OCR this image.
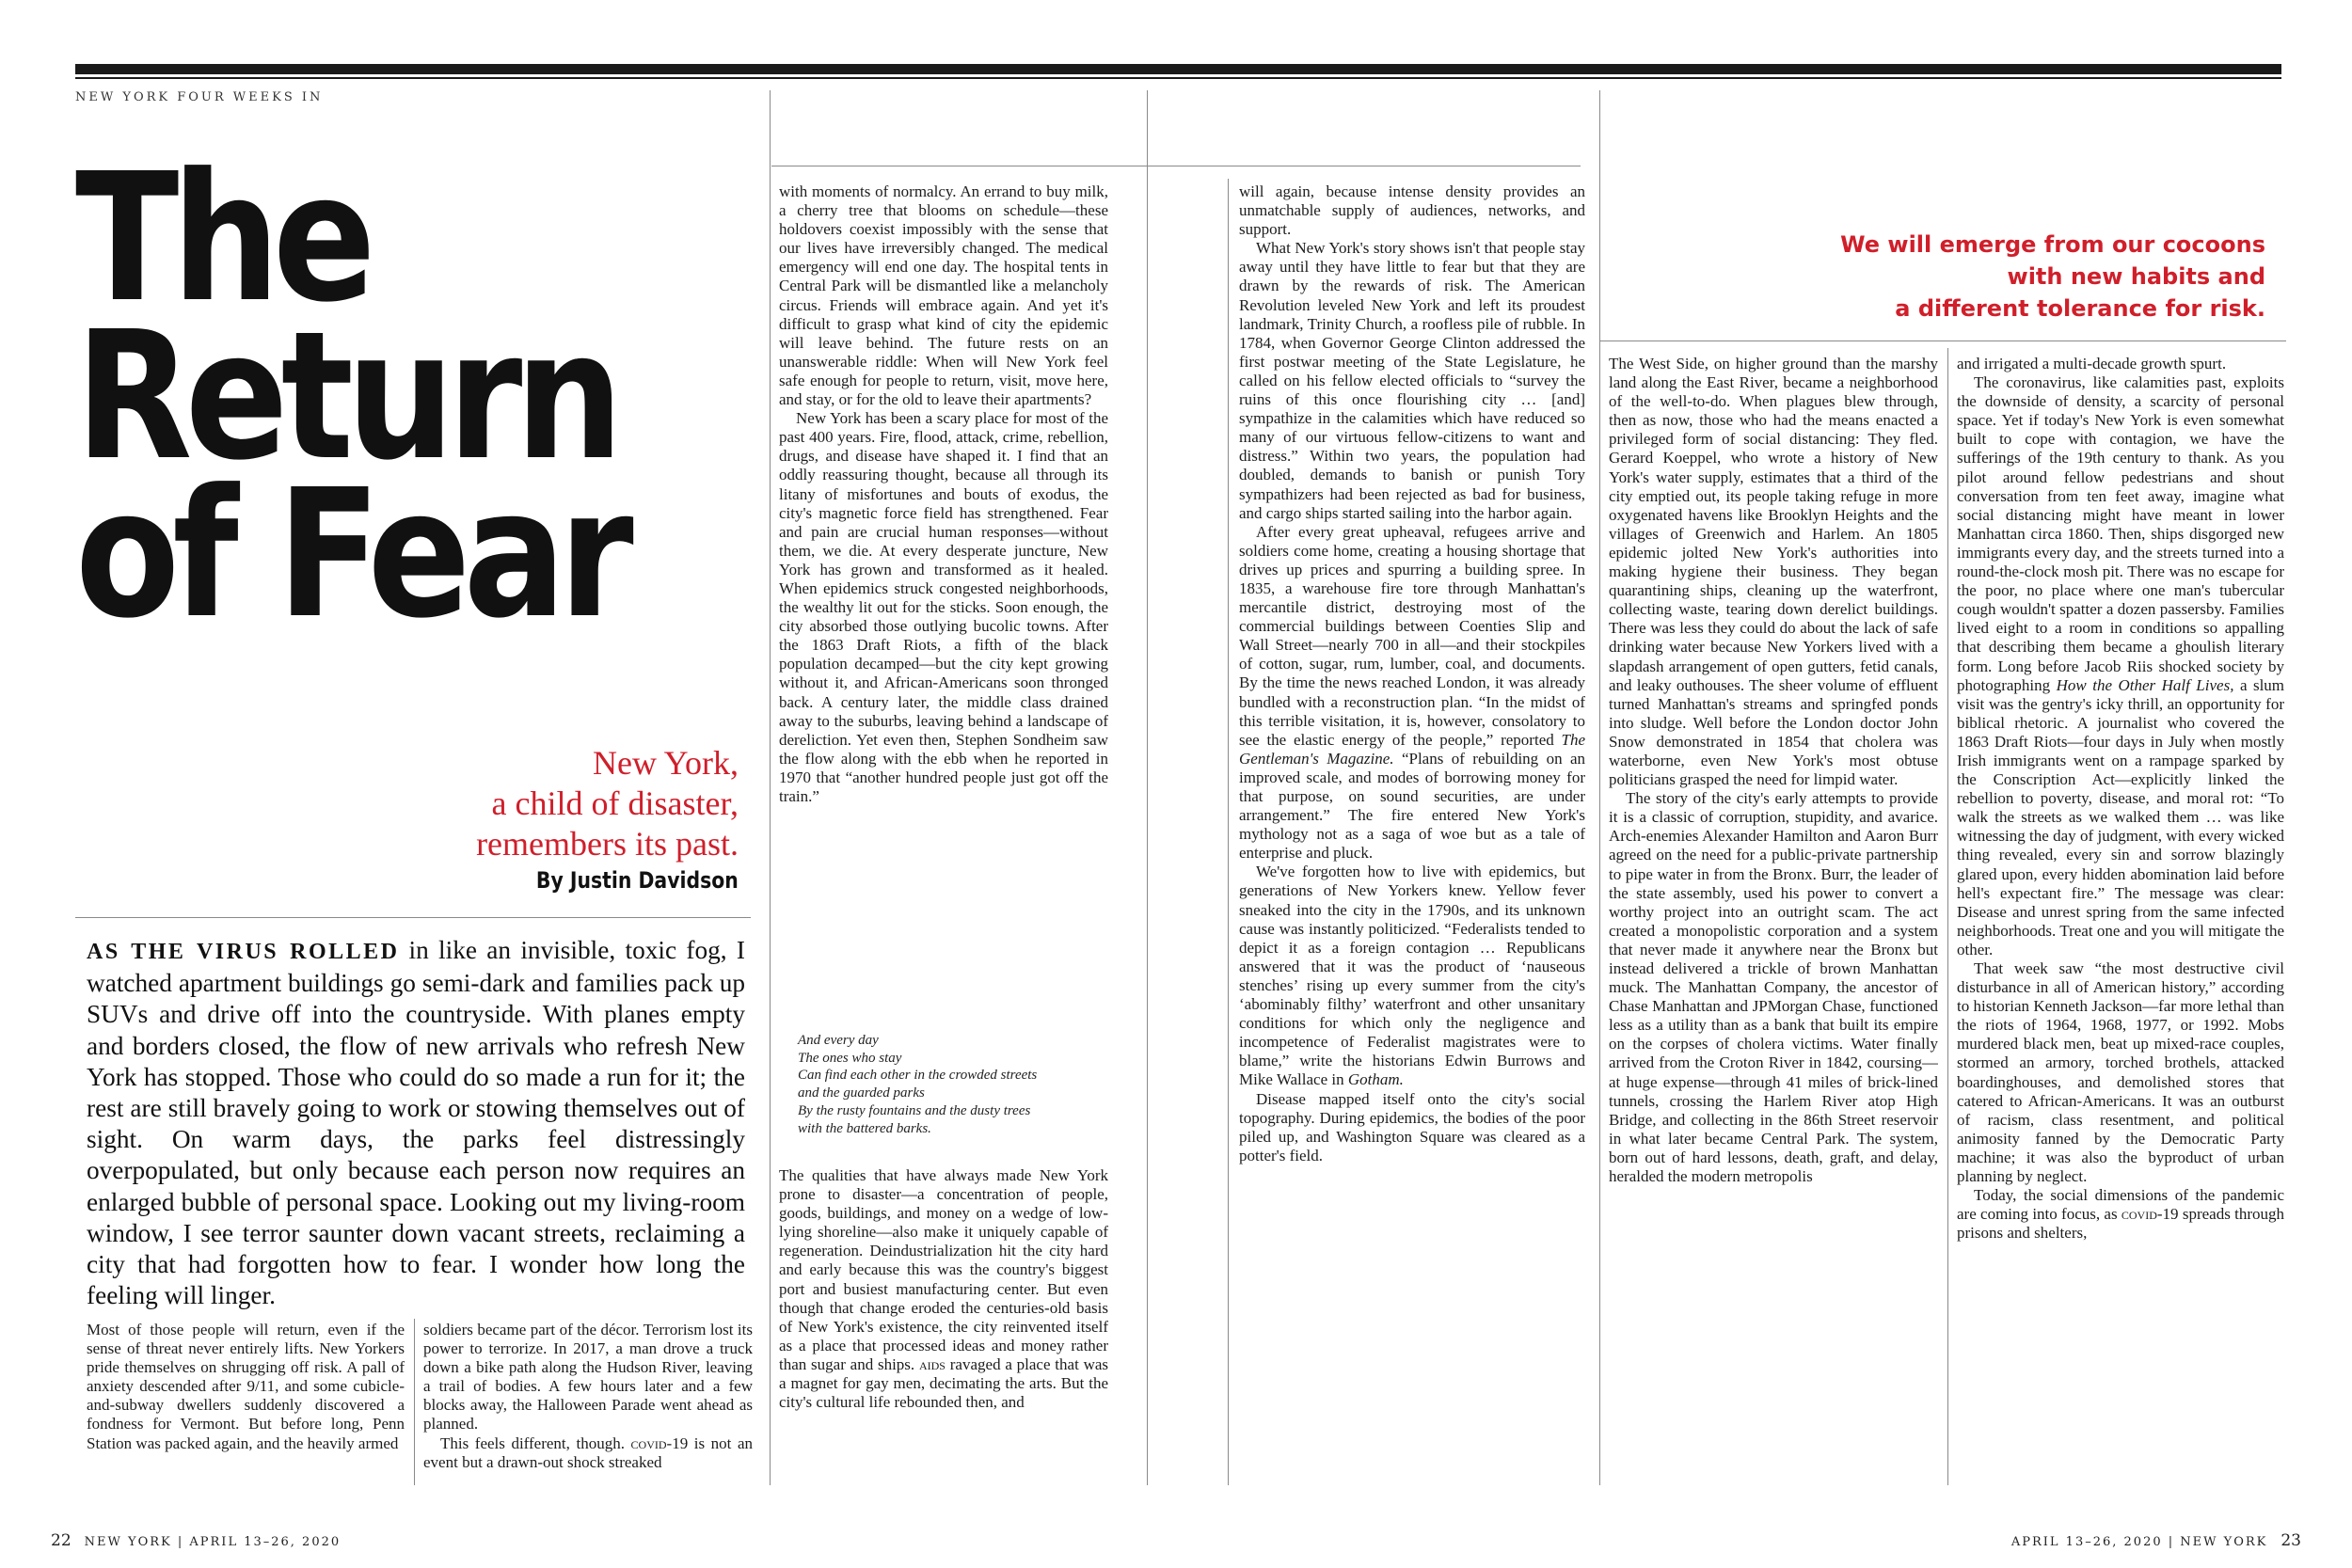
NEW YORK FOUR WEEKS IN
The
Return
of Fear
New York,
a child of disaster,
remembers its past.
By Justin Davidson
AS THE VIRUS ROLLED in like an invisible, toxic fog, I watched apartment buildings go semi-dark and families pack up SUVs and drive off into the countryside. With planes empty and borders closed, the flow of new arrivals who refresh New York has stopped. Those who could do so made a run for it; the rest are still bravely going to work or stowing themselves out of sight. On warm days, the parks feel distressingly overpopulated, but only because each person now requires an enlarged bubble of personal space. Looking out my living-room window, I see terror saunter down vacant streets, reclaiming a city that had forgotten how to fear. I wonder how long the feeling will linger.

Most of those people will return, even if the sense of threat never entirely lifts. New Yorkers pride themselves on shrugging off risk. A pall of anxiety descended after 9/11, and some cubicle-and-subway dwellers suddenly discovered a fondness for Vermont. But before long, Penn Station was packed again, and the heavily armed

soldiers became part of the décor. Terrorism lost its power to terrorize. In 2017, a man drove a truck down a bike path along the Hudson River, leaving a trail of bodies. A few hours later and a few blocks away, the Halloween Parade went ahead as planned.

This feels different, though. covid-19 is not an event but a drawn-out shock streaked

with moments of normalcy. An errand to buy milk, a cherry tree that blooms on schedule—these holdovers coexist impossibly with the sense that our lives have irreversibly changed. The medical emergency will end one day. The hospital tents in Central Park will be dismantled like a melancholy circus. Friends will embrace again. And yet it's difficult to grasp what kind of city the epidemic will leave behind. The future rests on an unanswerable riddle: When will New York feel safe enough for people to return, visit, move here, and stay, or for the old to leave their apartments?

New York has been a scary place for most of the past 400 years. Fire, flood, attack, crime, rebellion, drugs, and disease have shaped it. I find that an oddly reassuring thought, because all through its litany of misfortunes and bouts of exodus, the city's magnetic force field has strengthened. Fear and pain are crucial human responses—without them, we die. At every desperate juncture, New York has grown and transformed as it healed. When epidemics struck congested neighborhoods, the wealthy lit out for the sticks. Soon enough, the city absorbed those outlying bucolic towns. After the 1863 Draft Riots, a fifth of the black population decamped—but the city kept growing without it, and African-Americans soon thronged back. A century later, the middle class drained away to the suburbs, leaving behind a landscape of dereliction. Yet even then, Stephen Sondheim saw the flow along with the ebb when he reported in 1970 that “another hundred people just got off the train.”

And every day
The ones who stay
Can find each other in the crowded streets
and the guarded parks
By the rusty fountains and the dusty trees
with the battered barks.

The qualities that have always made New York prone to disaster—a concentration of people, goods, buildings, and money on a wedge of low-lying shoreline—also make it uniquely capable of regeneration. Deindustrialization hit the city hard and early because this was the country's biggest port and busiest manufacturing center. But even though that change eroded the centuries-old basis of New York's existence, the city reinvented itself as a place that processed ideas and money rather than sugar and ships. aids ravaged a place that was a magnet for gay men, decimating the arts. But the city's cultural life rebounded then, and

will again, because intense density provides an unmatchable supply of audiences, networks, and support.

What New York's story shows isn't that people stay away until they have little to fear but that they are drawn by the rewards of risk. The American Revolution leveled New York and left its proudest landmark, Trinity Church, a roofless pile of rubble. In 1784, when Governor George Clinton addressed the first postwar meeting of the State Legislature, he called on his fellow elected officials to “survey the ruins of this once flourishing city … [and] sympathize in the calamities which have reduced so many of our virtuous fellow-citizens to want and distress.” Within two years, the population had doubled, demands to banish or punish Tory sympathizers had been rejected as bad for business, and cargo ships started sailing into the harbor again.

After every great upheaval, refugees arrive and soldiers come home, creating a housing shortage that drives up prices and spurring a building spree. In 1835, a warehouse fire tore through Manhattan's mercantile district, destroying most of the commercial buildings between Coenties Slip and Wall Street—nearly 700 in all—and their stockpiles of cotton, sugar, rum, lumber, coal, and documents. By the time the news reached London, it was already bundled with a reconstruction plan. “In the midst of this terrible visitation, it is, however, consolatory to see the elastic energy of the people,” reported The Gentleman's Magazine. “Plans of rebuilding on an improved scale, and modes of borrowing money for that purpose, on sound securities, are under arrangement.” The fire entered New York's mythology not as a saga of woe but as a tale of enterprise and pluck.

We've forgotten how to live with epidemics, but generations of New Yorkers knew. Yellow fever sneaked into the city in the 1790s, and its unknown cause was instantly politicized. “Federalists tended to depict it as a foreign contagion … Republicans answered that it was the product of ‘nauseous stenches’ rising up every summer from the city's ‘abominably filthy’ waterfront and other unsanitary conditions for which only the negligence and incompetence of Federalist magistrates were to blame,” write the historians Edwin Burrows and Mike Wallace in Gotham.

Disease mapped itself onto the city's social topography. During epidemics, the bodies of the poor piled up, and Washington Square was cleared as a potter's field.

We will emerge from our cocoons
with new habits and
a different tolerance for risk.

The West Side, on higher ground than the marshy land along the East River, became a neighborhood of the well-to-do. When plagues blew through, then as now, those who had the means enacted a privileged form of social distancing: They fled. Gerard Koeppel, who wrote a history of New York's water supply, estimates that a third of the city emptied out, its people taking refuge in more oxygenated havens like Brooklyn Heights and the villages of Greenwich and Harlem. An 1805 epidemic jolted New York's authorities into making hygiene their business. They began quarantining ships, cleaning up the waterfront, collecting waste, tearing down derelict buildings. There was less they could do about the lack of safe drinking water because New Yorkers lived with a slapdash arrangement of open gutters, fetid canals, and leaky outhouses. The sheer volume of effluent turned Manhattan's streams and springfed ponds into sludge. Well before the London doctor John Snow demonstrated in 1854 that cholera was waterborne, even New York's most obtuse politicians grasped the need for limpid water.

The story of the city's early attempts to provide it is a classic of corruption, stupidity, and avarice. Arch-enemies Alexander Hamilton and Aaron Burr agreed on the need for a public-private partnership to pipe water in from the Bronx. Burr, the leader of the state assembly, used his power to convert a worthy project into an outright scam. The act created a monopolistic corporation and a system that never made it anywhere near the Bronx but instead delivered a trickle of brown Manhattan muck. The Manhattan Company, the ancestor of Chase Manhattan and JPMorgan Chase, functioned less as a utility than as a bank that built its empire on the corpses of cholera victims. Water finally arrived from the Croton River in 1842, coursing—at huge expense—through 41 miles of brick-lined tunnels, crossing the Harlem River atop High Bridge, and collecting in the 86th Street reservoir in what later became Central Park. The system, born out of hard lessons, death, graft, and delay, heralded the modern metropolis

and irrigated a multi-decade growth spurt.

The coronavirus, like calamities past, exploits the downside of density, a scarcity of personal space. Yet if today's New York is even somewhat built to cope with contagion, we have the sufferings of the 19th century to thank. As you pilot around fellow pedestrians and shout conversation from ten feet away, imagine what social distancing might have meant in lower Manhattan circa 1860. Then, ships disgorged new immigrants every day, and the streets turned into a round-the-clock mosh pit. There was no escape for the poor, no place where one man's tubercular cough wouldn't spatter a dozen passersby. Families lived eight to a room in conditions so appalling that describing them became a ghoulish literary form. Long before Jacob Riis shocked society by photographing How the Other Half Lives, a slum visit was the gentry's icky thrill, an opportunity for biblical rhetoric. A journalist who covered the 1863 Draft Riots—four days in July when mostly Irish immigrants went on a rampage sparked by the Conscription Act—explicitly linked the rebellion to poverty, disease, and moral rot: “To walk the streets as we walked them … was like witnessing the day of judgment, with every wicked thing revealed, every sin and sorrow blazingly glared upon, every hidden abomination laid before hell's expectant fire.” The message was clear: Disease and unrest spring from the same infected neighborhoods. Treat one and you will mitigate the other.

That week saw “the most destructive civil disturbance in all of American history,” according to historian Kenneth Jackson—far more lethal than the riots of 1964, 1968, 1977, or 1992. Mobs murdered black men, beat up mixed-race couples, stormed an armory, torched brothels, attacked boardinghouses, and demolished stores that catered to African-Americans. It was an outburst of racism, class resentment, and political animosity fanned by the Democratic Party machine; it was also the byproduct of urban planning by neglect.

Today, the social dimensions of the pandemic are coming into focus, as covid-19 spreads through prisons and shelters,

22 NEW YORK | APRIL 13–26, 2020	APRIL 13–26, 2020 | NEW YORK 23
